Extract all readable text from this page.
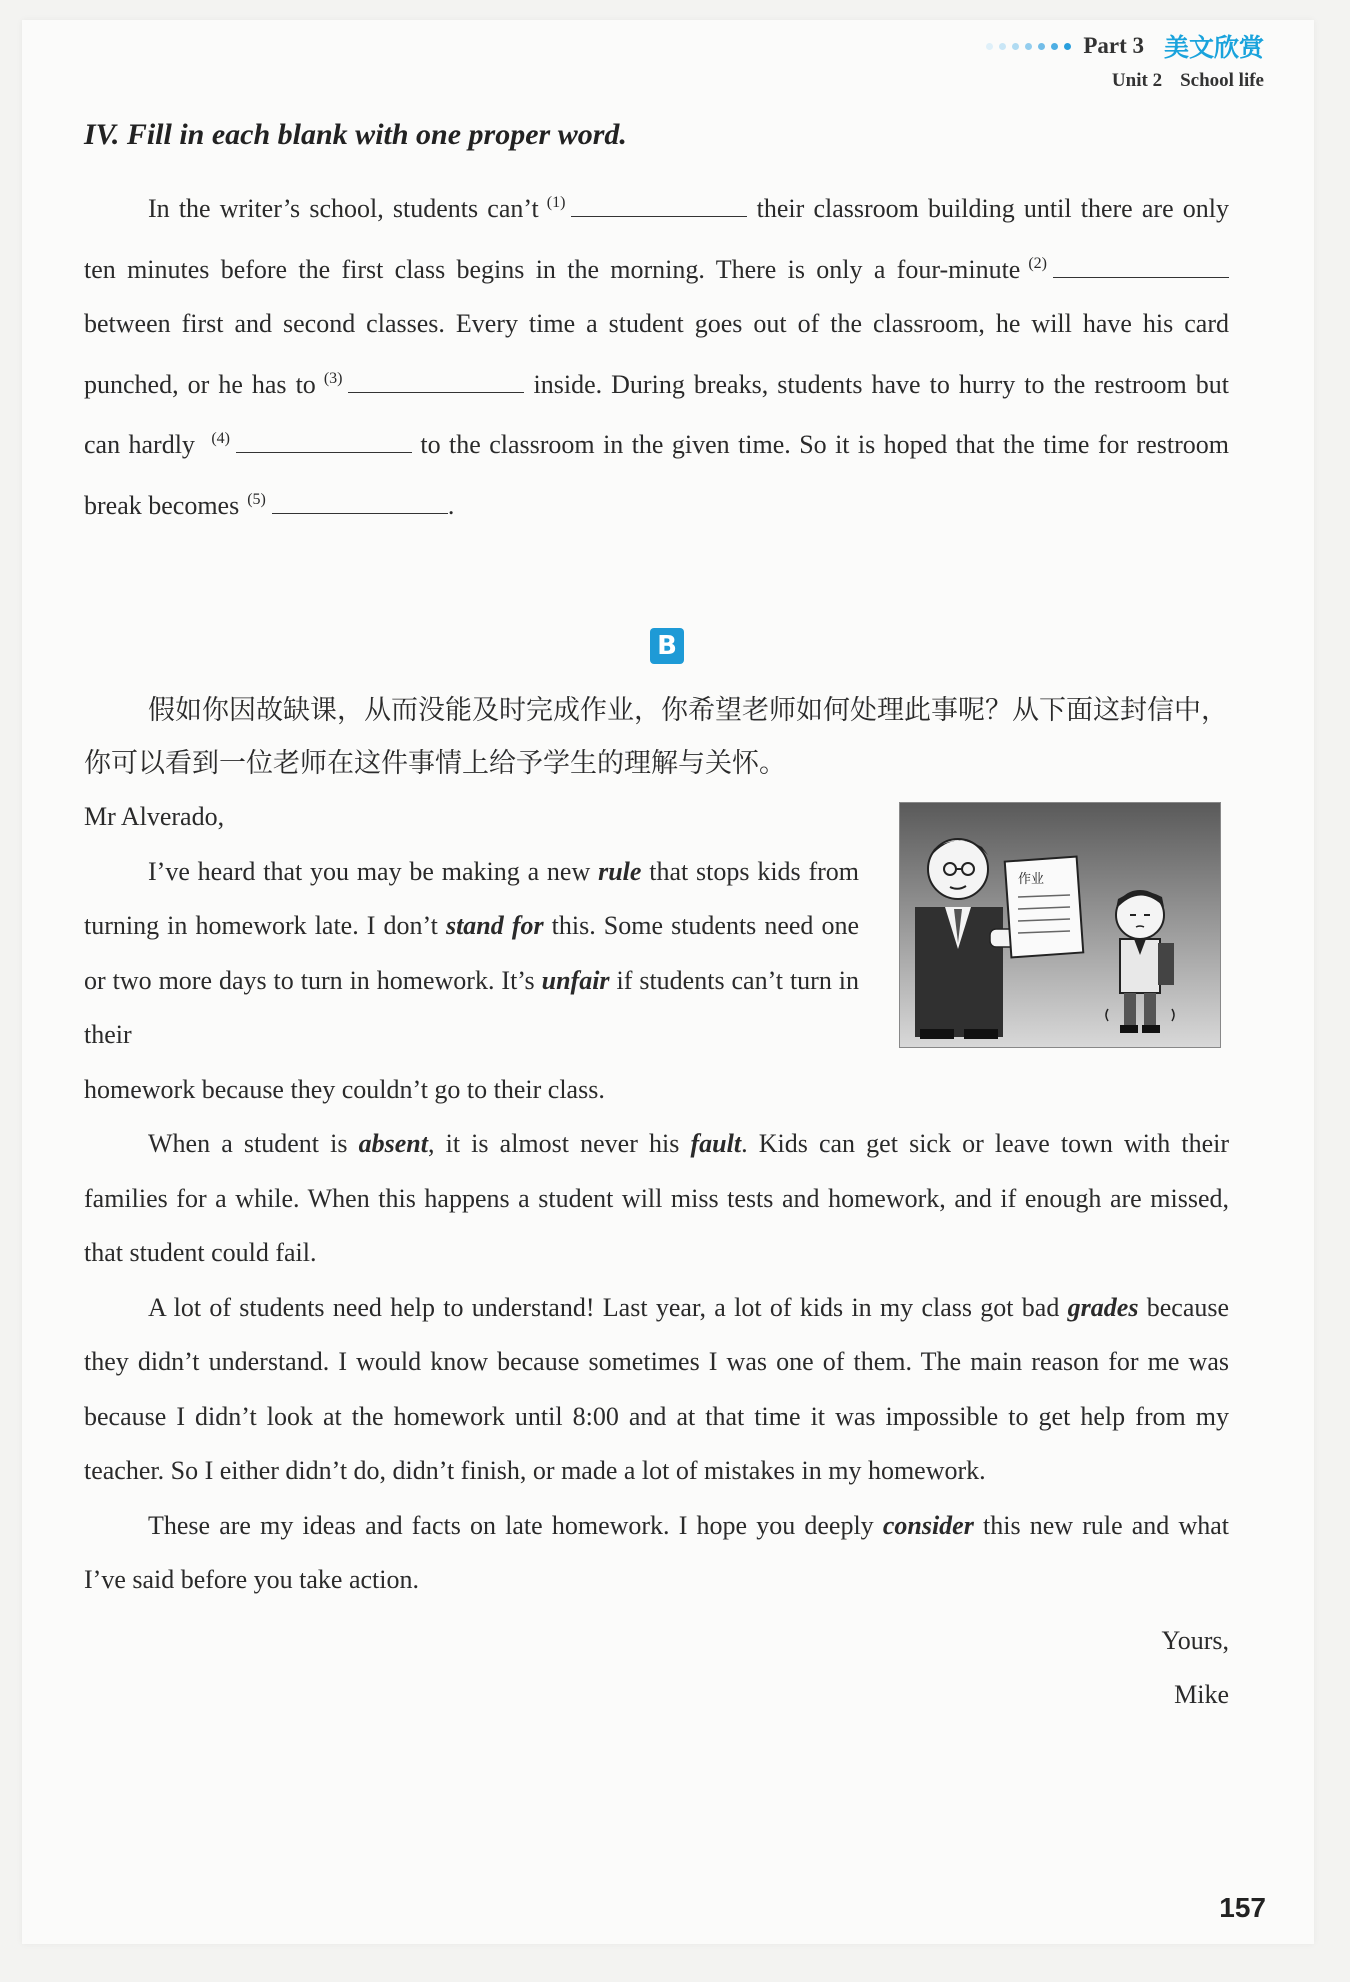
Part 3 美文欣赏
Unit 2 School life
IV. Fill in each blank with one proper word.

In the writer’s school, students can’t $^{(1)}$	their classroom building until there are only ten minutes before the first class begins in the morning. There is only a four-minute $^{(2)}$ between first and second classes. Every time a student goes out of the classroom, he will have his card punched, or he has to $^{(3)}$	inside. During breaks, students have to hurry to the restroom but can hardly $^{(4)}$	to the classroom in the given time. So it is hoped that the time for restroom break becomes $^{(5)}$	.

B

假如你因故缺课，从而没能及时完成作业，你希望老师如何处理此事呢？从下面这封信中，你可以看到一位老师在这件事情上给予学生的理解与关怀。

作业

Mr Alverado,

I’ve heard that you may be making a new rule that stops kids from turning in homework late. I don’t stand for this. Some students need one or two more days to turn in homework. It’s unfair if students can’t turn in their

homework because they couldn’t go to their class.

When a student is absent, it is almost never his fault. Kids can get sick or leave town with their families for a while. When this happens a student will miss tests and homework, and if enough are missed, that student could fail.

A lot of students need help to understand! Last year, a lot of kids in my class got bad grades because they didn’t understand. I would know because sometimes I was one of them. The main reason for me was because I didn’t look at the homework until 8:00 and at that time it was impossible to get help from my teacher. So I either didn’t do, didn’t finish, or made a lot of mistakes in my homework.

These are my ideas and facts on late homework. I hope you deeply consider this new rule and what I’ve said before you take action.

Yours,

Mike

157
